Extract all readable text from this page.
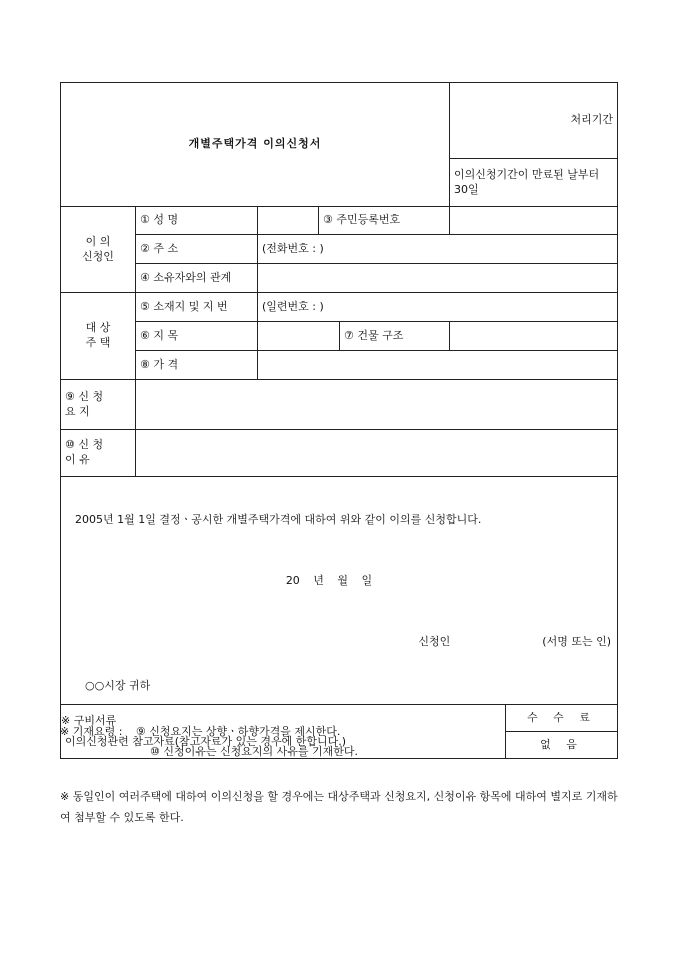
개별주택가격 이의신청서					처리기간	
					이의신청기간이 만료된 날부터 30일	
이 의
신청인	① 성 명		③ 주민등록번호			
	② 주 소	(전화번호 : )				
	④ 소유자와의 관계					
대 상
주 택	⑤ 소재지 및 지 번	(일련번호 : )				
	⑥ 지 목			⑦ 건물 구조		
	⑧ 가 격					
⑨ 신 청
요 지						
⑩ 신 청
이 유						

2005년 1월 1일 결정ㆍ공시한 개별주택가격에 대하여 위와 같이 이의를 신청합니다.
20 년 월 일
신청인 (서명 또는 인)
○○시장 귀하						

※ 구비서류
이의신청관련 참고자료(참고자료가 있는 경우에 한합니다.)						수 수 료
						없 음
※ 기재요령 : ⑨ 신청요지는 상향ㆍ하향가격을 제시한다.
⑩ 신청이유는 신청요지의 사유를 기재한다.
※ 동일인이 여러주택에 대하여 이의신청을 할 경우에는 대상주택과 신청요지, 신청이유 항목에 대하여 별지로 기재하여 첨부할 수 있도록 한다.
